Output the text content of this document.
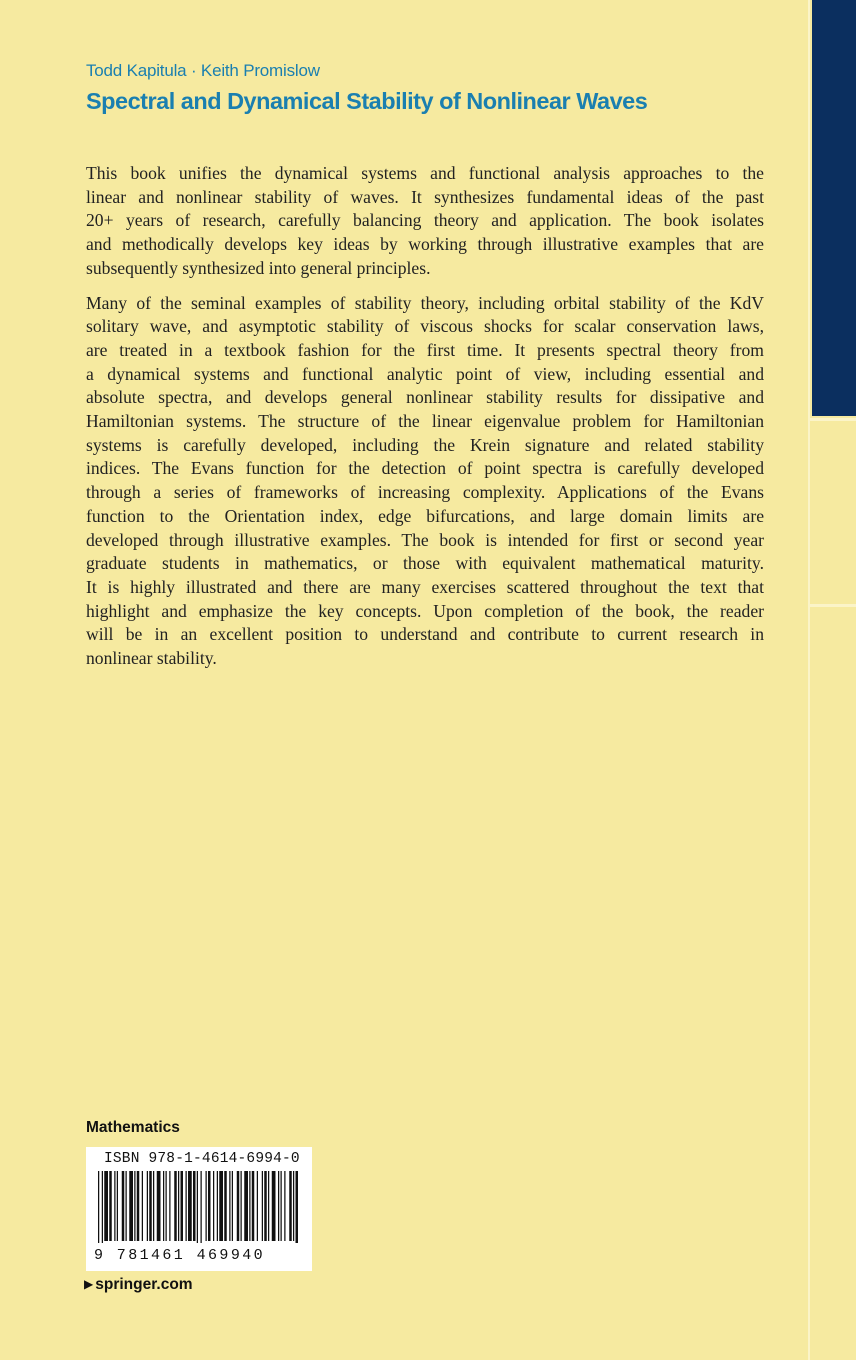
Todd Kapitula · Keith Promislow
Spectral and Dynamical Stability of Nonlinear Waves

This book unifies the dynamical systems and functional analysis approaches to the
linear and nonlinear stability of waves. It synthesizes fundamental ideas of the past
20+ years of research, carefully balancing theory and application. The book isolates
and methodically develops key ideas by working through illustrative examples that are
subsequently synthesized into general principles.

Many of the seminal examples of stability theory, including orbital stability of the KdV
solitary wave, and asymptotic stability of viscous shocks for scalar conservation laws,
are treated in a textbook fashion for the first time. It presents spectral theory from
a dynamical systems and functional analytic point of view, including essential and
absolute spectra, and develops general nonlinear stability results for dissipative and
Hamiltonian systems. The structure of the linear eigenvalue problem for Hamiltonian
systems is carefully developed, including the Krein signature and related stability
indices. The Evans function for the detection of point spectra is carefully developed
through a series of frameworks of increasing complexity. Applications of the Evans
function to the Orientation index, edge bifurcations, and large domain limits are
developed through illustrative examples. The book is intended for first or second year
graduate students in mathematics, or those with equivalent mathematical maturity.
It is highly illustrated and there are many exercises scattered throughout the text that
highlight and emphasize the key concepts. Upon completion of the book, the reader
will be in an excellent position to understand and contribute to current research in
nonlinear stability.

Mathematics
ISBN 978-1-4614-6994-0
9 781461 469940
▶ springer.com
